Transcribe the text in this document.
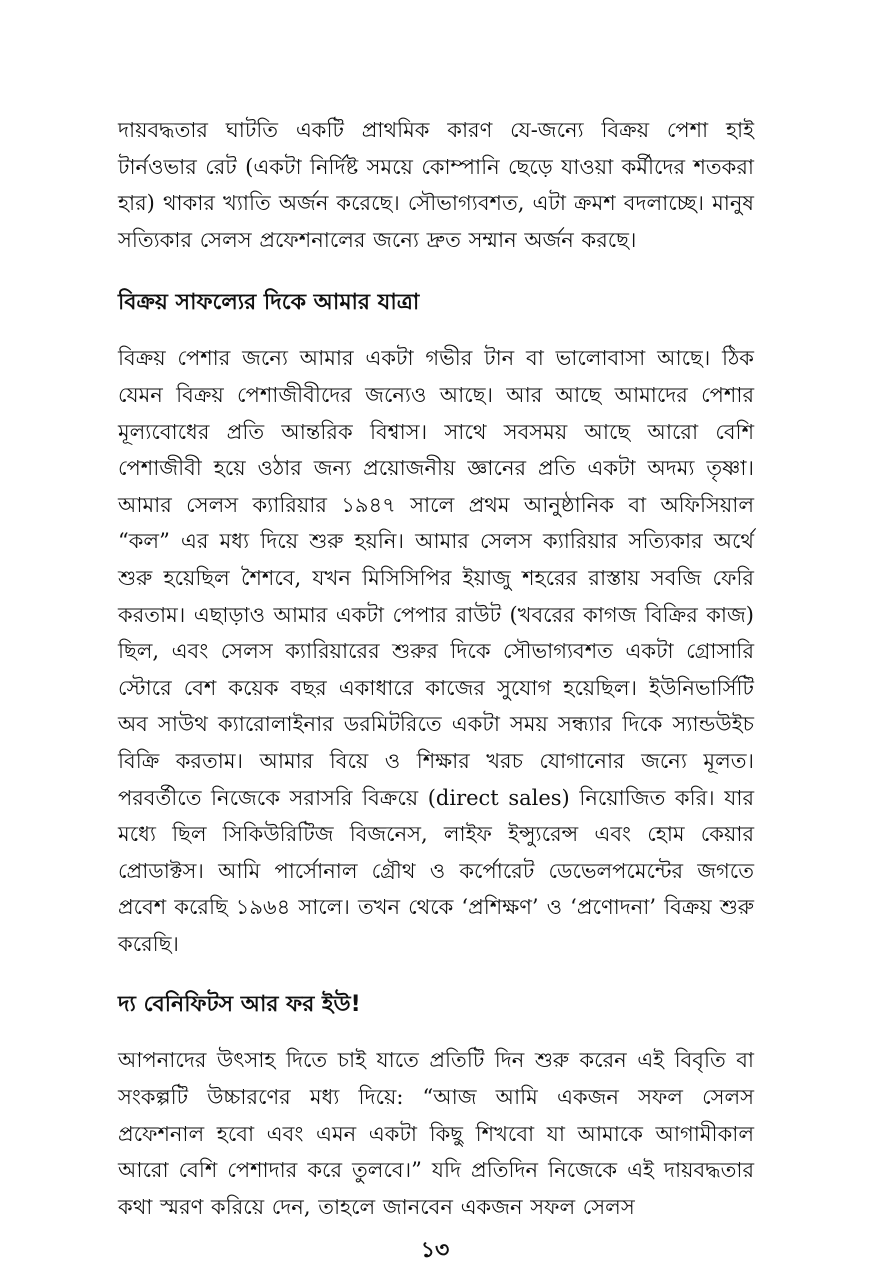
দায়বদ্ধতার ঘাটতি একটি প্রাথমিক কারণ যে-জন্যে বিক্রয় পেশা হাই টার্নওভার রেট (একটা নির্দিষ্ট সময়ে কোম্পানি ছেড়ে যাওয়া কর্মীদের শতকরা হার) থাকার খ্যাতি অর্জন করেছে। সৌভাগ্যবশত, এটা ক্রমশ বদলাচ্ছে। মানুষ সত্যিকার সেলস প্রফেশনালের জন্যে দ্রুত সম্মান অর্জন করছে।

বিক্রয় সাফল্যের দিকে আমার যাত্রা

বিক্রয় পেশার জন্যে আমার একটা গভীর টান বা ভালোবাসা আছে। ঠিক যেমন বিক্রয় পেশাজীবীদের জন্যেও আছে। আর আছে আমাদের পেশার মূল্যবোধের প্রতি আন্তরিক বিশ্বাস। সাথে সবসময় আছে আরো বেশি পেশাজীবী হয়ে ওঠার জন্য প্রয়োজনীয় জ্ঞানের প্রতি একটা অদম্য তৃষ্ণা। আমার সেলস ক্যারিয়ার ১৯৪৭ সালে প্রথম আনুষ্ঠানিক বা অফিসিয়াল “কল” এর মধ্য দিয়ে শুরু হয়নি। আমার সেলস ক্যারিয়ার সত্যিকার অর্থে শুরু হয়েছিল শৈশবে, যখন মিসিসিপির ইয়াজু শহরের রাস্তায় সবজি ফেরি করতাম। এছাড়াও আমার একটা পেপার রাউট (খবরের কাগজ বিক্রির কাজ) ছিল, এবং সেলস ক্যারিয়ারের শুরুর দিকে সৌভাগ্যবশত একটা গ্রোসারি স্টোরে বেশ কয়েক বছর একাধারে কাজের সুযোগ হয়েছিল। ইউনিভার্সিটি অব সাউথ ক্যারোলাইনার ডরমিটরিতে একটা সময় সন্ধ্যার দিকে স্যান্ডউইচ বিক্রি করতাম। আমার বিয়ে ও শিক্ষার খরচ যোগানোর জন্যে মূলত। পরবর্তীতে নিজেকে সরাসরি বিক্রয়ে (direct sales) নিয়োজিত করি। যার মধ্যে ছিল সিকিউরিটিজ বিজনেস, লাইফ ইন্স্যুরেন্স এবং হোম কেয়ার প্রোডাক্টস। আমি পার্সোনাল গ্রৌথ ও কর্পোরেট ডেভেলপমেন্টের জগতে প্রবেশ করেছি ১৯৬৪ সালে। তখন থেকে ‘প্রশিক্ষণ’ ও ‘প্রণোদনা’ বিক্রয় শুরু করেছি।

দ্য বেনিফিটস আর ফর ইউ!

আপনাদের উৎসাহ দিতে চাই যাতে প্রতিটি দিন শুরু করেন এই বিবৃতি বা সংকল্পটি উচ্চারণের মধ্য দিয়ে: “আজ আমি একজন সফল সেলস প্রফেশনাল হবো এবং এমন একটা কিছু শিখবো যা আমাকে আগামীকাল আরো বেশি পেশাদার করে তুলবে।” যদি প্রতিদিন নিজেকে এই দায়বদ্ধতার কথা স্মরণ করিয়ে দেন, তাহলে জানবেন একজন সফল সেলস

১৩
